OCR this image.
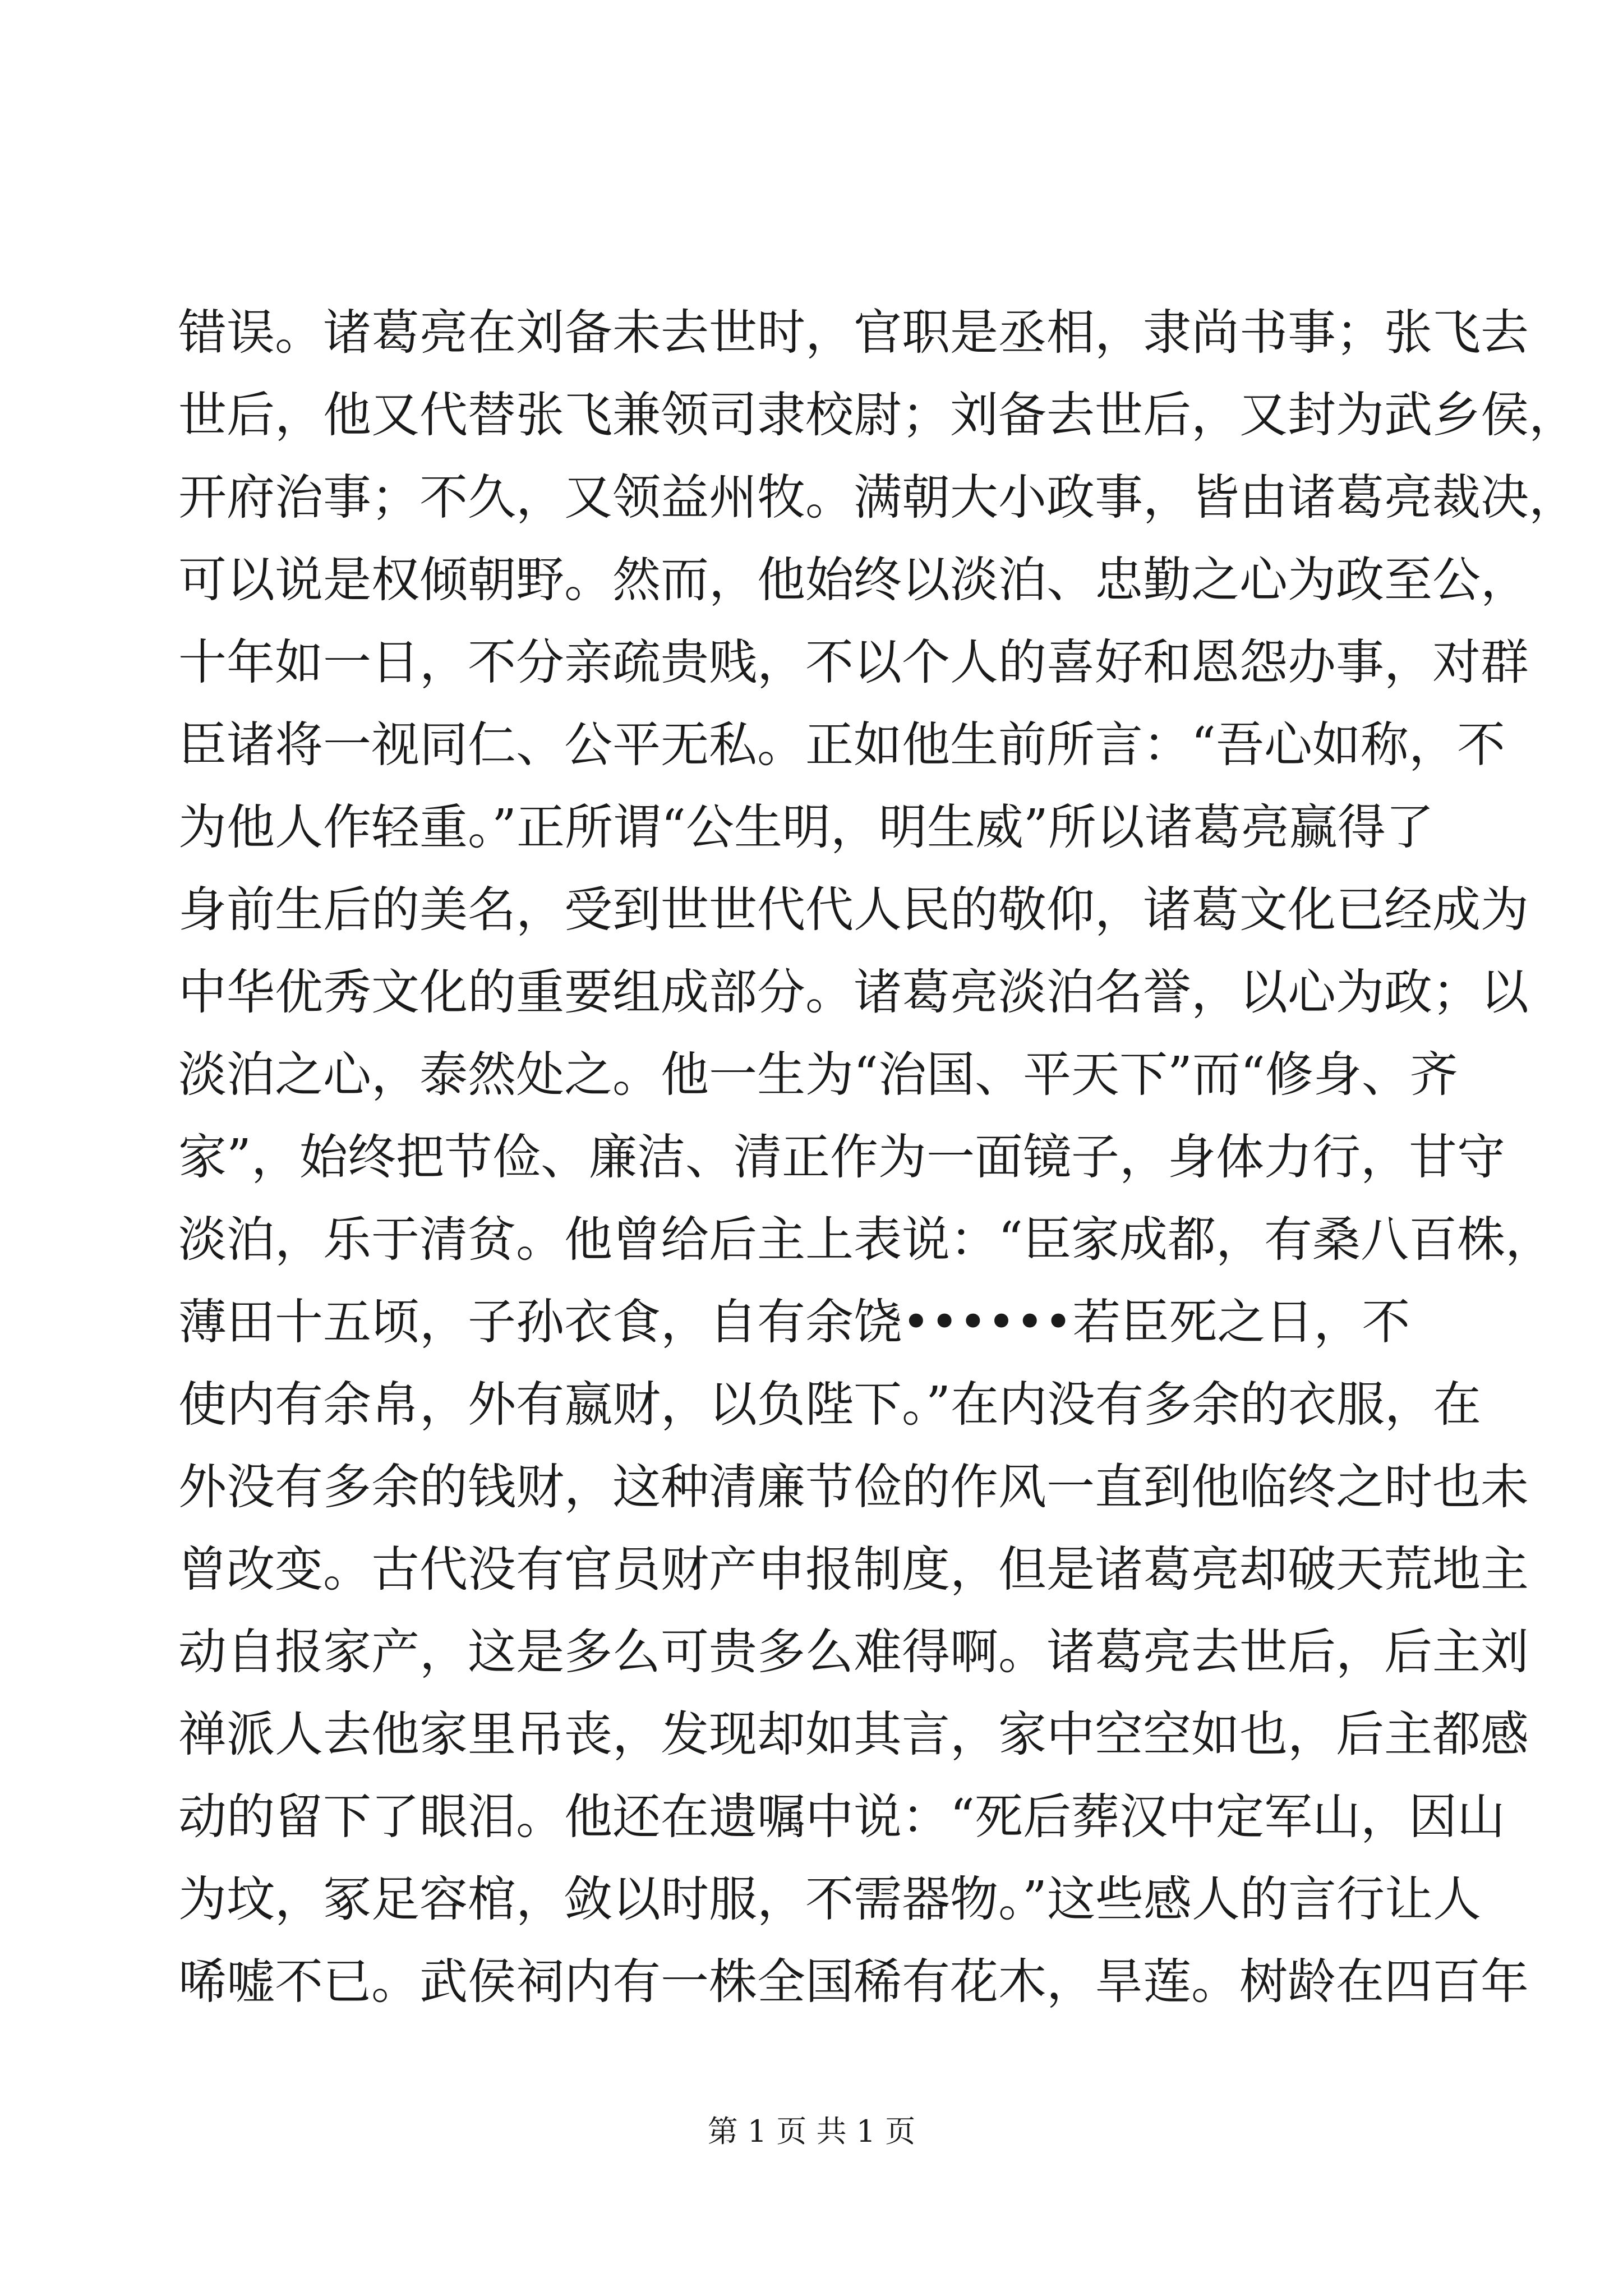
错误。诸葛亮在刘备未去世时，官职是丞相，隶尚书事；张飞去
世后，他又代替张飞兼领司隶校尉；刘备去世后，又封为武乡侯，
开府治事；不久，又领益州牧。满朝大小政事，皆由诸葛亮裁决，
可以说是权倾朝野。然而，他始终以淡泊、忠勤之心为政至公，
十年如一日，不分亲疏贵贱，不以个人的喜好和恩怨办事，对群
臣诸将一视同仁、公平无私。正如他生前所言：“吾心如称，不
为他人作轻重。”正所谓“公生明，明生威”所以诸葛亮赢得了
身前生后的美名，受到世世代代人民的敬仰，诸葛文化已经成为
中华优秀文化的重要组成部分。诸葛亮淡泊名誉，以心为政；以
淡泊之心，泰然处之。他一生为“治国、平天下”而“修身、齐
家”，始终把节俭、廉洁、清正作为一面镜子，身体力行，甘守
淡泊，乐于清贫。他曾给后主上表说：“臣家成都，有桑八百株，
薄田十五顷，子孙衣食，自有余饶••••••若臣死之日，不
使内有余帛，外有嬴财，以负陛下。”在内没有多余的衣服，在
外没有多余的钱财，这种清廉节俭的作风一直到他临终之时也未
曾改变。古代没有官员财产申报制度，但是诸葛亮却破天荒地主
动自报家产，这是多么可贵多么难得啊。诸葛亮去世后，后主刘
禅派人去他家里吊丧，发现却如其言，家中空空如也，后主都感
动的留下了眼泪。他还在遗嘱中说：“死后葬汉中定军山，因山
为坟，冢足容棺，敛以时服，不需器物。”这些感人的言行让人
唏嘘不已。武侯祠内有一株全国稀有花木，旱莲。树龄在四百年
第 1 页 共 1 页
